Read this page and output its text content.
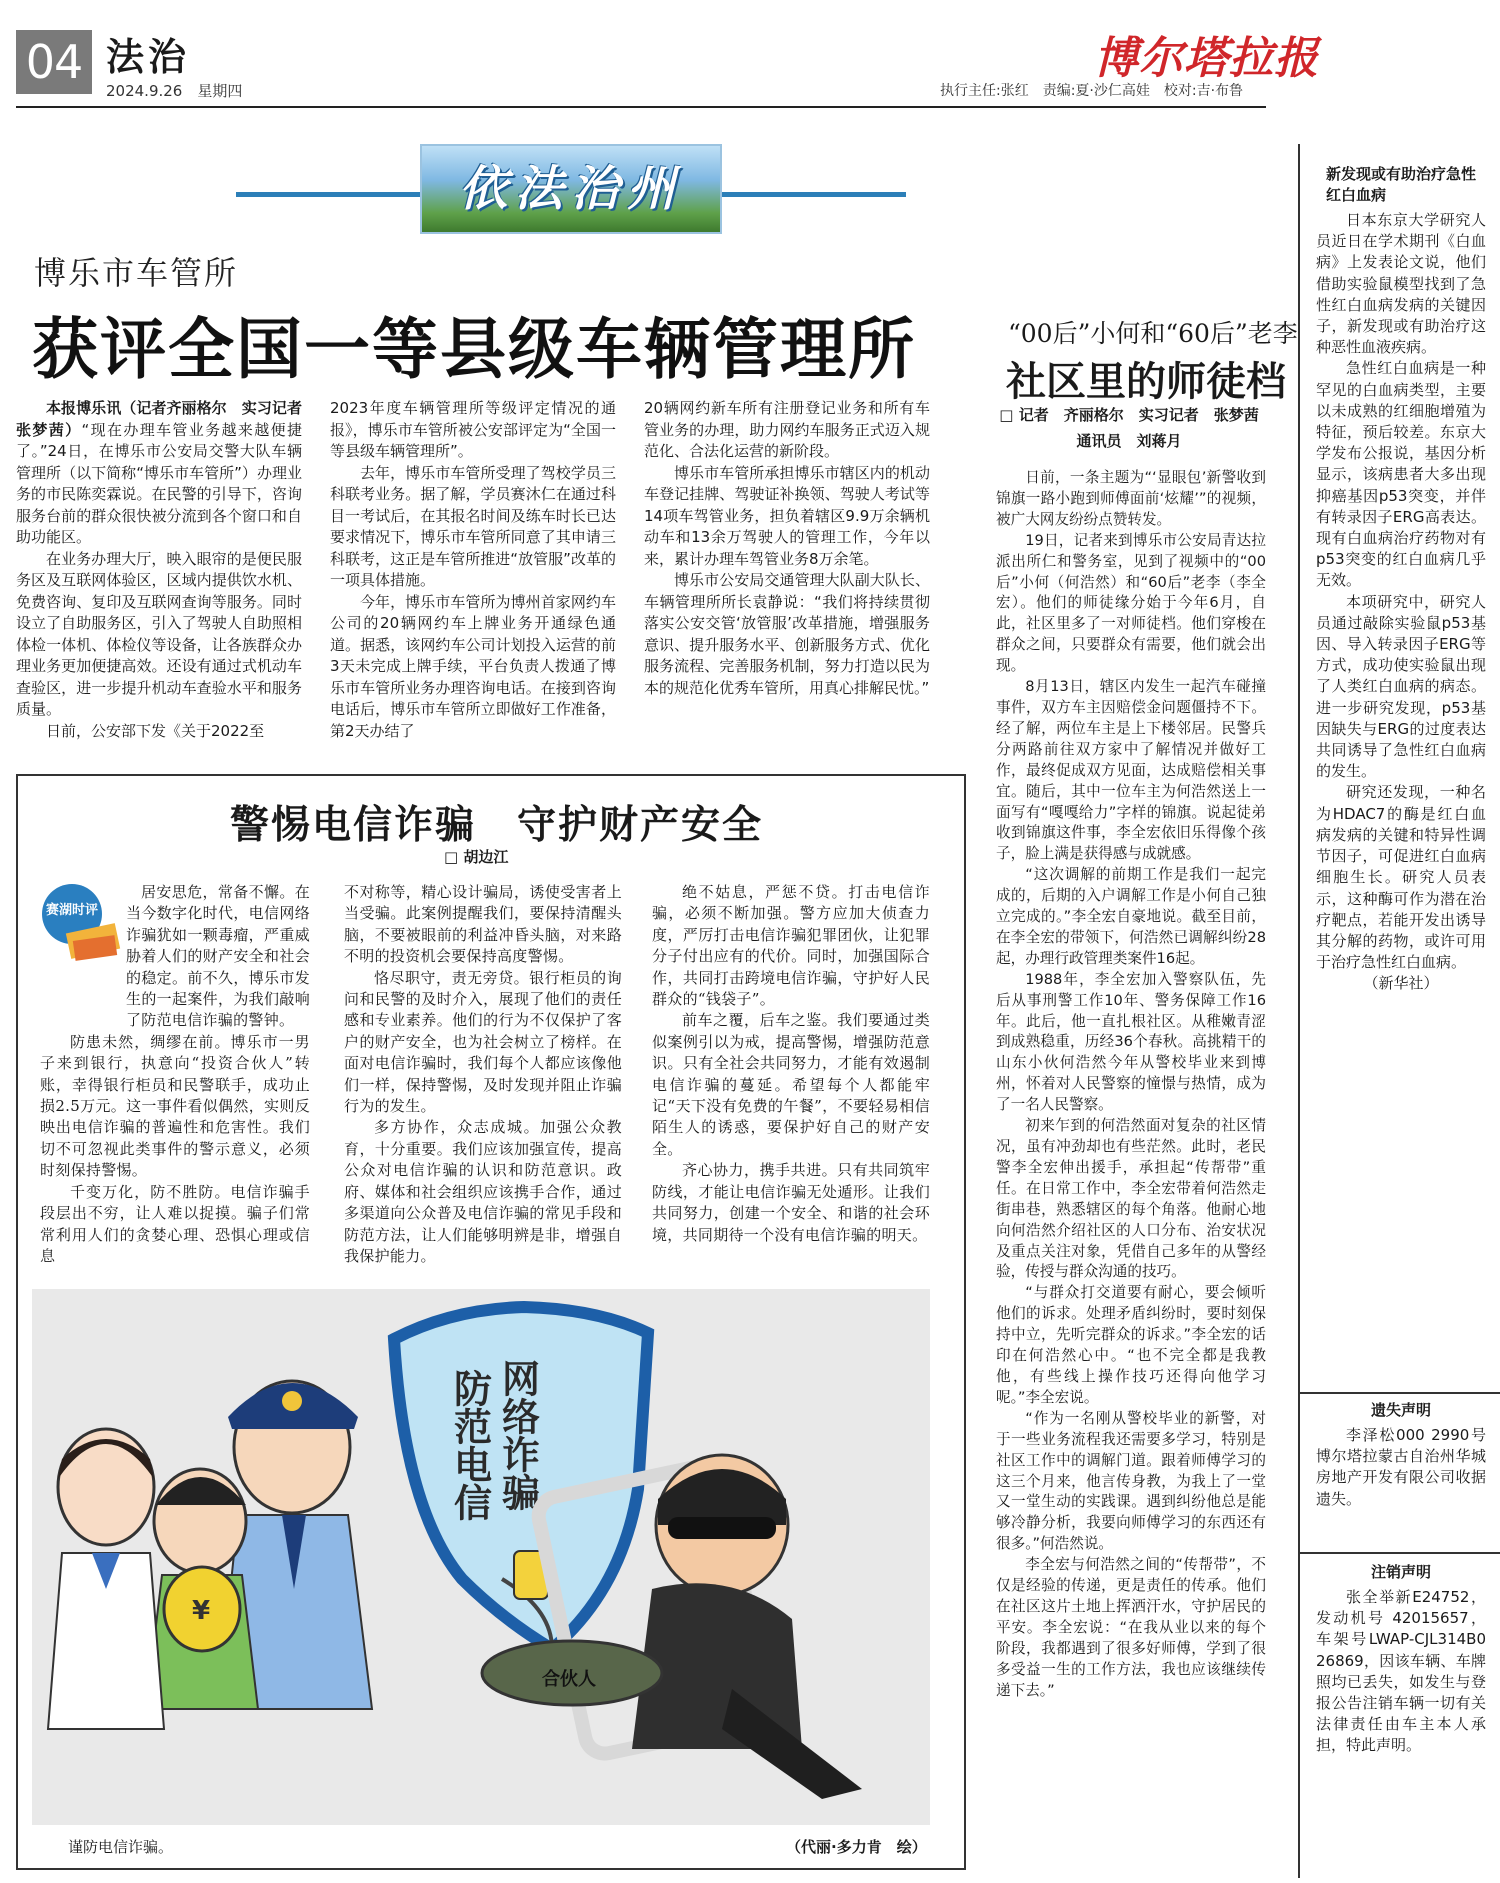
04 法治
2024.9.26　星期四
博尔塔拉报
执行主任:张红　责编:夏·沙仁高娃　校对:吉·布鲁
依法治州
博乐市车管所
获评全国一等县级车辆管理所

本报博乐讯（记者齐丽格尔　实习记者张梦茜）“现在办理车管业务越来越便捷了。”24日，在博乐市公安局交警大队车辆管理所（以下简称“博乐市车管所”）办理业务的市民陈奕霖说。在民警的引导下，咨询服务台前的群众很快被分流到各个窗口和自助功能区。

在业务办理大厅，映入眼帘的是便民服务区及互联网体验区，区域内提供饮水机、免费咨询、复印及互联网查询等服务。同时设立了自助服务区，引入了驾驶人自助照相体检一体机、体检仪等设备，让各族群众办理业务更加便捷高效。还设有通过式机动车查验区，进一步提升机动车查验水平和服务质量。

日前，公安部下发《关于2022至

2023年度车辆管理所等级评定情况的通报》，博乐市车管所被公安部评定为“全国一等县级车辆管理所”。

去年，博乐市车管所受理了驾校学员三科联考业务。据了解，学员赛沐仁在通过科目一考试后，在其报名时间及练车时长已达要求情况下，博乐市车管所同意了其申请三科联考，这正是车管所推进“放管服”改革的一项具体措施。

今年，博乐市车管所为博州首家网约车公司的20辆网约车上牌业务开通绿色通道。据悉，该网约车公司计划投入运营的前3天未完成上牌手续，平台负责人拨通了博乐市车管所业务办理咨询电话。在接到咨询电话后，博乐市车管所立即做好工作准备，第2天办结了

20辆网约新车所有注册登记业务和所有车管业务的办理，助力网约车服务正式迈入规范化、合法化运营的新阶段。

博乐市车管所承担博乐市辖区内的机动车登记挂牌、驾驶证补换领、驾驶人考试等14项车驾管业务，担负着辖区9.9万余辆机动车和13余万驾驶人的管理工作，今年以来，累计办理车驾管业务8万余笔。

博乐市公安局交通管理大队副大队长、车辆管理所所长袁静说：“我们将持续贯彻落实公安交管‘放管服’改革措施，增强服务意识、提升服务水平、创新服务方式、优化服务流程、完善服务机制，努力打造以民为本的规范化优秀车管所，用真心排解民忧。”

“00后”小何和“60后”老李
社区里的师徒档
□ 记者　齐丽格尔　实习记者　张梦茜
通讯员　刘蒋月

日前，一条主题为“‘显眼包’新警收到锦旗一路小跑到师傅面前‘炫耀’”的视频，被广大网友纷纷点赞转发。

19日，记者来到博乐市公安局青达拉派出所仁和警务室，见到了视频中的“00后”小何（何浩然）和“60后”老李（李全宏）。他们的师徒缘分始于今年6月，自此，社区里多了一对师徒档。他们穿梭在群众之间，只要群众有需要，他们就会出现。

8月13日，辖区内发生一起汽车碰撞事件，双方车主因赔偿金问题僵持不下。经了解，两位车主是上下楼邻居。民警兵分两路前往双方家中了解情况并做好工作，最终促成双方见面，达成赔偿相关事宜。随后，其中一位车主为何浩然送上一面写有“嘎嘎给力”字样的锦旗。说起徒弟收到锦旗这件事，李全宏依旧乐得像个孩子，脸上满是获得感与成就感。

“这次调解的前期工作是我们一起完成的，后期的入户调解工作是小何自己独立完成的。”李全宏自豪地说。截至目前，在李全宏的带领下，何浩然已调解纠纷28起，办理行政管理类案件16起。

1988年，李全宏加入警察队伍，先后从事刑警工作10年、警务保障工作16年。此后，他一直扎根社区。从稚嫩青涩到成熟稳重，历经36个春秋。高挑精干的山东小伙何浩然今年从警校毕业来到博州，怀着对人民警察的憧憬与热情，成为了一名人民警察。

初来乍到的何浩然面对复杂的社区情况，虽有冲劲却也有些茫然。此时，老民警李全宏伸出援手，承担起“传帮带”重任。在日常工作中，李全宏带着何浩然走街串巷，熟悉辖区的每个角落。他耐心地向何浩然介绍社区的人口分布、治安状况及重点关注对象，凭借自己多年的从警经验，传授与群众沟通的技巧。

“与群众打交道要有耐心，要会倾听他们的诉求。处理矛盾纠纷时，要时刻保持中立，先听完群众的诉求。”李全宏的话印在何浩然心中。“也不完全都是我教他，有些线上操作技巧还得向他学习呢。”李全宏说。

“作为一名刚从警校毕业的新警，对于一些业务流程我还需要多学习，特别是社区工作中的调解门道。跟着师傅学习的这三个月来，他言传身教，为我上了一堂又一堂生动的实践课。遇到纠纷他总是能够冷静分析，我要向师傅学习的东西还有很多。”何浩然说。

李全宏与何浩然之间的“传帮带”，不仅是经验的传递，更是责任的传承。他们在社区这片土地上挥洒汗水，守护居民的平安。李全宏说：“在我从业以来的每个阶段，我都遇到了很多好师傅，学到了很多受益一生的工作方法，我也应该继续传递下去。”

警惕电信诈骗　守护财产安全
□ 胡边江
赛湖时评

居安思危，常备不懈。在当今数字化时代，电信网络诈骗犹如一颗毒瘤，严重威胁着人们的财产安全和社会的稳定。前不久，博乐市发生的一起案件，为我们敲响了防范电信诈骗的警钟。

防患未然，绸缪在前。博乐市一男子来到银行，执意向“投资合伙人”转账，幸得银行柜员和民警联手，成功止损2.5万元。这一事件看似偶然，实则反映出电信诈骗的普遍性和危害性。我们切不可忽视此类事件的警示意义，必须时刻保持警惕。

千变万化，防不胜防。电信诈骗手段层出不穷，让人难以捉摸。骗子们常常利用人们的贪婪心理、恐惧心理或信息

不对称等，精心设计骗局，诱使受害者上当受骗。此案例提醒我们，要保持清醒头脑，不要被眼前的利益冲昏头脑，对来路不明的投资机会要保持高度警惕。

恪尽职守，责无旁贷。银行柜员的询问和民警的及时介入，展现了他们的责任感和专业素养。他们的行为不仅保护了客户的财产安全，也为社会树立了榜样。在面对电信诈骗时，我们每个人都应该像他们一样，保持警惕，及时发现并阻止诈骗行为的发生。

多方协作，众志成城。加强公众教育，十分重要。我们应该加强宣传，提高公众对电信诈骗的认识和防范意识。政府、媒体和社会组织应该携手合作，通过多渠道向公众普及电信诈骗的常见手段和防范方法，让人们能够明辨是非，增强自我保护能力。

绝不姑息，严惩不贷。打击电信诈骗，必须不断加强。警方应加大侦查力度，严厉打击电信诈骗犯罪团伙，让犯罪分子付出应有的代价。同时，加强国际合作，共同打击跨境电信诈骗，守护好人民群众的“钱袋子”。

前车之覆，后车之鉴。我们要通过类似案例引以为戒，提高警惕，增强防范意识。只有全社会共同努力，才能有效遏制电信诈骗的蔓延。希望每个人都能牢记“天下没有免费的午餐”，不要轻易相信陌生人的诱惑，要保护好自己的财产安全。

齐心协力，携手共进。只有共同筑牢防线，才能让电信诈骗无处遁形。让我们共同努力，创建一个安全、和谐的社会环境，共同期待一个没有电信诈骗的明天。

网络诈骗
防范电信
合伙人
¥
谨防电信诈骗。	（代丽·多力肯　绘）
新发现或有助治疗急性红白血病

日本东京大学研究人员近日在学术期刊《白血病》上发表论文说，他们借助实验鼠模型找到了急性红白血病发病的关键因子，新发现或有助治疗这种恶性血液疾病。

急性红白血病是一种罕见的白血病类型，主要以未成熟的红细胞增殖为特征，预后较差。东京大学发布公报说，基因分析显示，该病患者大多出现抑癌基因p53突变，并伴有转录因子ERG高表达。现有白血病治疗药物对有p53突变的红白血病几乎无效。

本项研究中，研究人员通过敲除实验鼠p53基因、导入转录因子ERG等方式，成功使实验鼠出现了人类红白血病的病态。进一步研究发现，p53基因缺失与ERG的过度表达共同诱导了急性红白血病的发生。

研究还发现，一种名为HDAC7的酶是红白血病发病的关键和特异性调节因子，可促进红白血病细胞生长。研究人员表示，这种酶可作为潜在治疗靶点，若能开发出诱导其分解的药物，或许可用于治疗急性红白血病。

（新华社）
遗失声明
李泽松000 2990号博尔塔拉蒙古自治州华城房地产开发有限公司收据遗失。
注销声明
张全举新E24752，发动机号 42015657，车架号LWAP-CJL314B026869，因该车辆、车牌照均已丢失，如发生与登报公告注销车辆一切有关法律责任由车主本人承担，特此声明。
